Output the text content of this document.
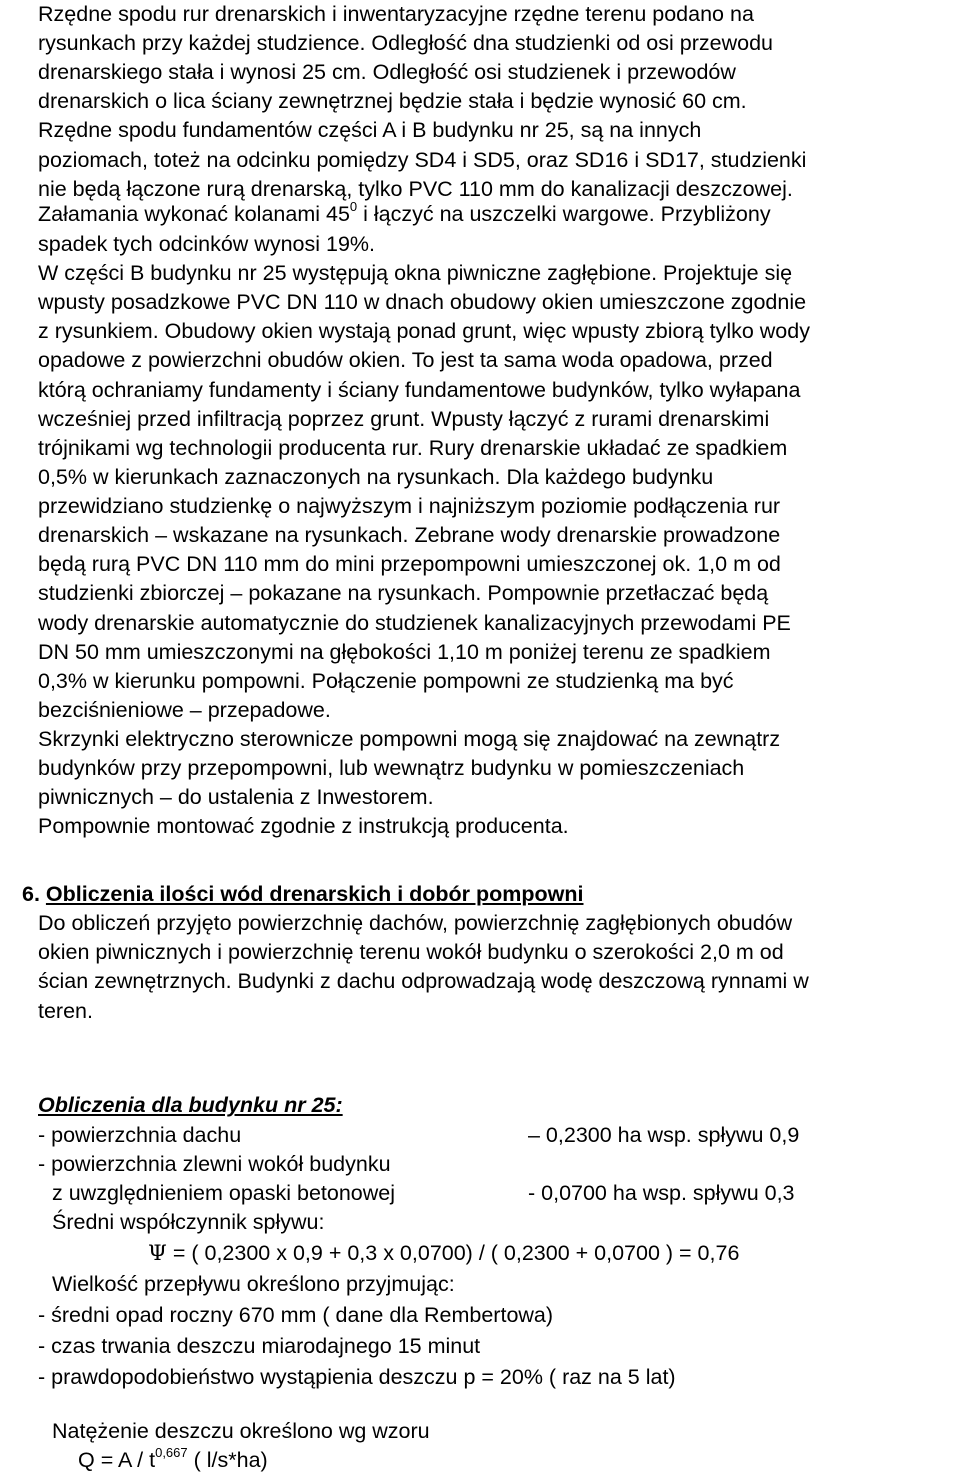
Rzędne spodu rur drenarskich i inwentaryzacyjne rzędne terenu podano na
rysunkach przy każdej studzience. Odległość dna studzienki od osi przewodu
drenarskiego stała i wynosi 25 cm. Odległość osi studzienek i przewodów
drenarskich o lica ściany zewnętrznej będzie stała i będzie wynosić 60 cm.
Rzędne spodu fundamentów części A i B budynku nr 25, są na innych
poziomach, toteż na odcinku pomiędzy SD4 i SD5, oraz SD16 i SD17, studzienki
nie będą łączone rurą drenarską, tylko PVC 110 mm do kanalizacji deszczowej.
Załamania wykonać kolanami $45^0$ i łączyć na uszczelki wargowe. Przybliżony
spadek tych odcinków wynosi 19%.
W części B budynku nr 25 występują okna piwniczne zagłębione. Projektuje się
wpusty posadzkowe PVC DN 110 w dnach obudowy okien umieszczone zgodnie
z rysunkiem. Obudowy okien wystają ponad grunt, więc wpusty zbiorą tylko wody
opadowe z powierzchni obudów okien. To jest ta sama woda opadowa, przed
którą ochraniamy fundamenty i ściany fundamentowe budynków, tylko wyłapana
wcześniej przed infiltracją poprzez grunt. Wpusty łączyć z rurami drenarskimi
trójnikami wg technologii producenta rur. Rury drenarskie układać ze spadkiem
0,5% w kierunkach zaznaczonych na rysunkach. Dla każdego budynku
przewidziano studzienkę o najwyższym i najniższym poziomie podłączenia rur
drenarskich – wskazane na rysunkach. Zebrane wody drenarskie prowadzone
będą rurą PVC DN 110 mm do mini przepompowni umieszczonej ok. 1,0 m od
studzienki zbiorczej – pokazane na rysunkach. Pompownie przetłaczać będą
wody drenarskie automatycznie do studzienek kanalizacyjnych przewodami PE
DN 50 mm umieszczonymi na głębokości 1,10 m poniżej terenu ze spadkiem
0,3% w kierunku pompowni. Połączenie pompowni ze studzienką ma być
bezciśnieniowe – przepadowe.
Skrzynki elektryczno sterownicze pompowni mogą się znajdować na zewnątrz
budynków przy przepompowni, lub wewnątrz budynku w pomieszczeniach
piwnicznych – do ustalenia z Inwestorem.
Pompownie montować zgodnie z instrukcją producenta.
6. Obliczenia ilości wód drenarskich i dobór pompowni
Do obliczeń przyjęto powierzchnię dachów, powierzchnię zagłębionych obudów
okien piwnicznych i powierzchnię terenu wokół budynku o szerokości 2,0 m od
ścian zewnętrznych. Budynki z dachu odprowadzają wodę deszczową rynnami w
teren.
Obliczenia dla budynku nr 25:
- powierzchnia dachu	– 0,2300 ha wsp. spływu 0,9
- powierzchnia zlewni wokół budynku
z uwzględnieniem opaski betonowej	- 0,0700 ha wsp. spływu 0,3
Średni współczynnik spływu:
Ψ = ( 0,2300 x 0,9 + 0,3 x 0,0700) / ( 0,2300 + 0,0700 ) = 0,76
Wielkość przepływu określono przyjmując:
- średni opad roczny 670 mm ( dane dla Rembertowa)
- czas trwania deszczu miarodajnego 15 minut
- prawdopodobieństwo wystąpienia deszczu p = 20% ( raz na 5 lat)
Natężenie deszczu określono wg wzoru
$Q = A / t^{0,667}$ ( l/s*ha)
